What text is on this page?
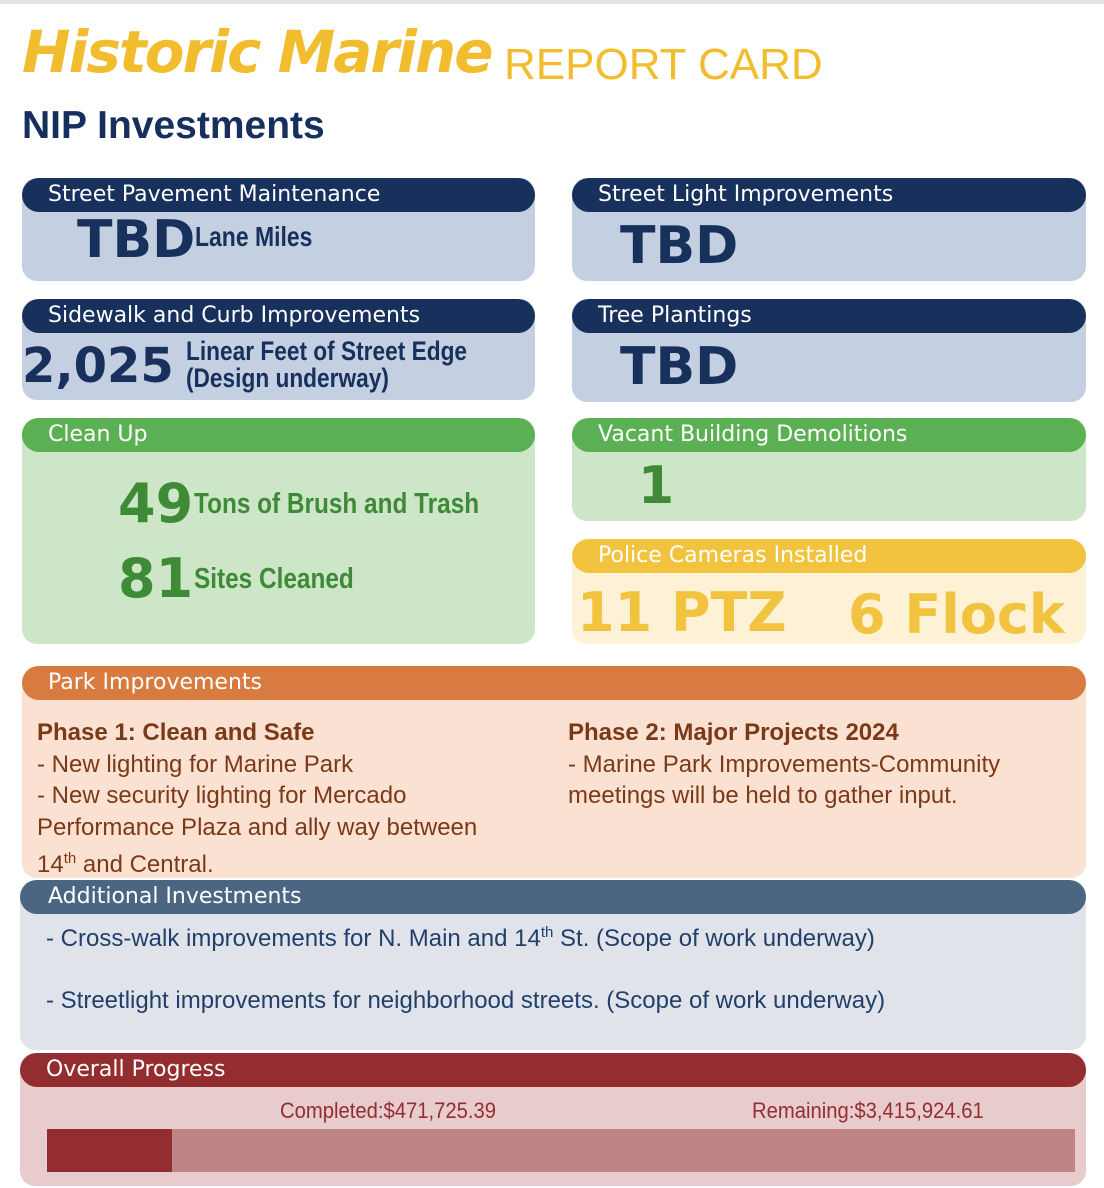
Historic Marine REPORT CARD
NIP Investments
Street Pavement Maintenance
TBD Lane Miles
Street Light Improvements
TBD
Sidewalk and Curb Improvements
2,025 Linear Feet of Street Edge
(Design underway)
Tree Plantings
TBD
Clean Up
49 Tons of Brush and Trash
81 Sites Cleaned
Vacant Building Demolitions
1
Police Cameras Installed
11 PTZ 6 Flock
Park Improvements
Phase 1: Clean and Safe
- New lighting for Marine Park
- New security lighting for Mercado
Performance Plaza and ally way between
14th and Central.
Phase 2: Major Projects 2024
- Marine Park Improvements-Community
meetings will be held to gather input.
Additional Investments
- Cross-walk improvements for N. Main and 14th St. (Scope of work underway)
- Streetlight improvements for neighborhood streets. (Scope of work underway)
Overall Progress
Completed:$471,725.39	Remaining:$3,415,924.61
